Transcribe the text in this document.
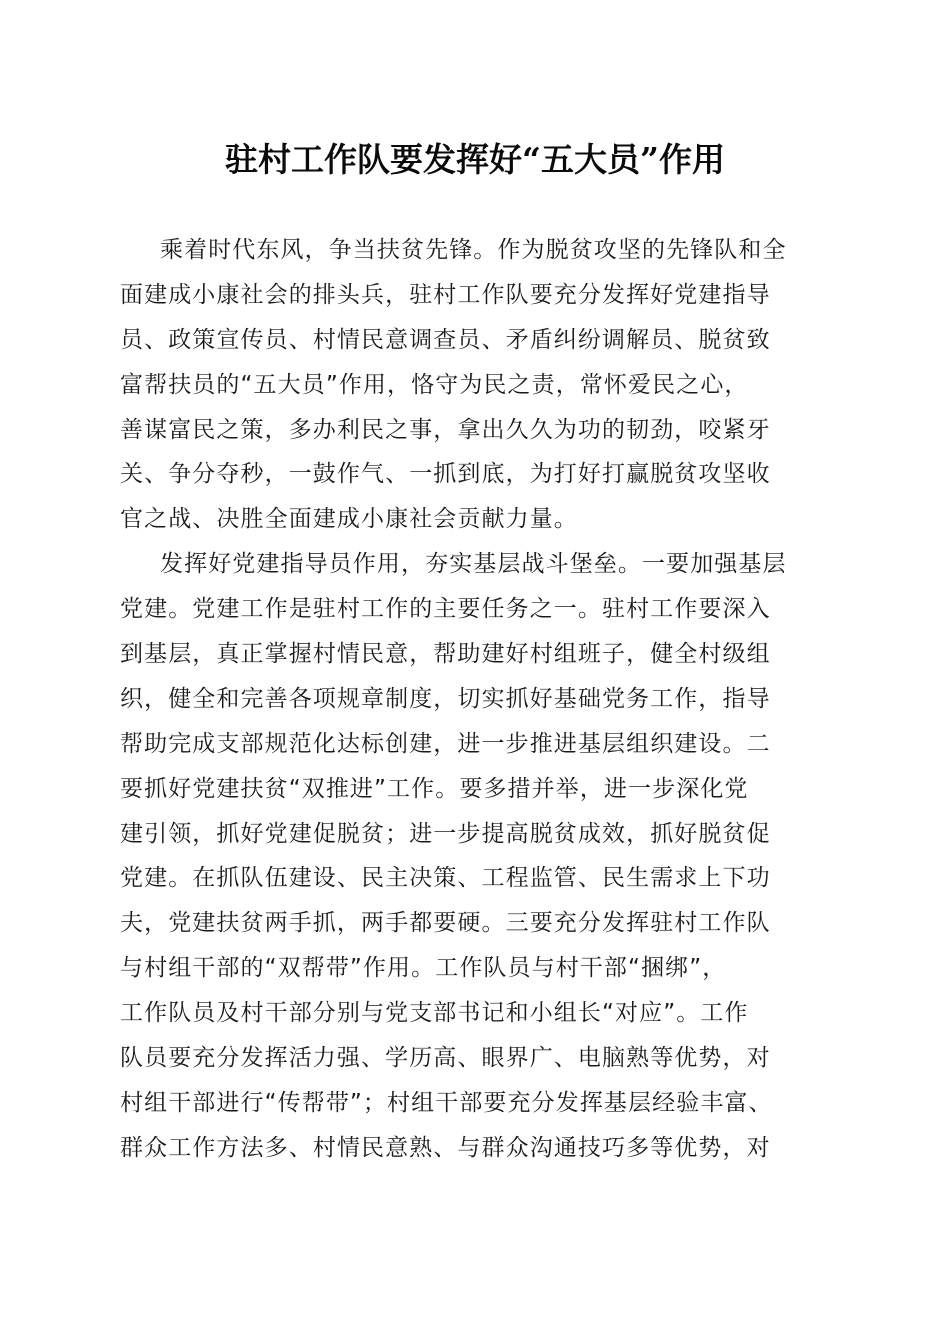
驻村工作队要发挥好“五大员”作用
乘着时代东风，争当扶贫先锋。作为脱贫攻坚的先锋队和全
面建成小康社会的排头兵，驻村工作队要充分发挥好党建指导
员、政策宣传员、村情民意调查员、矛盾纠纷调解员、脱贫致
富帮扶员的“五大员”作用，恪守为民之责，常怀爱民之心，
善谋富民之策，多办利民之事，拿出久久为功的韧劲，咬紧牙
关、争分夺秒，一鼓作气、一抓到底，为打好打赢脱贫攻坚收
官之战、决胜全面建成小康社会贡献力量。
发挥好党建指导员作用，夯实基层战斗堡垒。一要加强基层
党建。党建工作是驻村工作的主要任务之一。驻村工作要深入
到基层，真正掌握村情民意，帮助建好村组班子，健全村级组
织，健全和完善各项规章制度，切实抓好基础党务工作，指导
帮助完成支部规范化达标创建，进一步推进基层组织建设。二
要抓好党建扶贫“双推进”工作。要多措并举，进一步深化党
建引领，抓好党建促脱贫；进一步提高脱贫成效，抓好脱贫促
党建。在抓队伍建设、民主决策、工程监管、民生需求上下功
夫，党建扶贫两手抓，两手都要硬。三要充分发挥驻村工作队
与村组干部的“双帮带”作用。工作队员与村干部“捆绑”，
工作队员及村干部分别与党支部书记和小组长“对应”。工作
队员要充分发挥活力强、学历高、眼界广、电脑熟等优势，对
村组干部进行“传帮带”；村组干部要充分发挥基层经验丰富、
群众工作方法多、村情民意熟、与群众沟通技巧多等优势，对
